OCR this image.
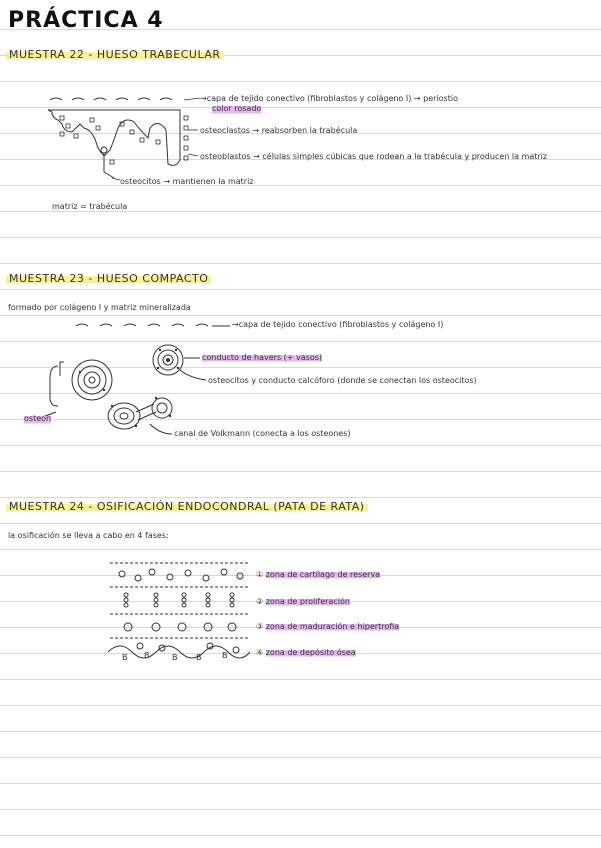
PRÁCTICA 4
MUESTRA 22 - HUESO TRABECULAR
→capa de tejido conectivo (fibroblastos y colágeno I) → periostio
color rosado
osteoclastos → reabsorben la trabécula
osteoblastos → células simples cúbicas que rodean a la trabécula y producen la matriz
osteocitos → mantienen la matriz
matriz = trabécula
MUESTRA 23 - HUESO COMPACTO
formado por colágeno I y matriz mineralizada
→capa de tejido conectivo (fibroblastos y colágeno I)
conducto de havers (+ vasos)
osteocitos y conducto calcóforo (donde se conectan los osteocitos)
osteon
canal de Volkmann (conecta a los osteones)
MUESTRA 24 - OSIFICACIÓN ENDOCONDRAL (PATA DE RATA)
la osificación se lleva a cabo en 4 fases:
B B	B B	B
① zona de cartílago de reserva
② zona de proliferación
③ zona de maduración e hipertrofia
④ zona de depósito ósea
